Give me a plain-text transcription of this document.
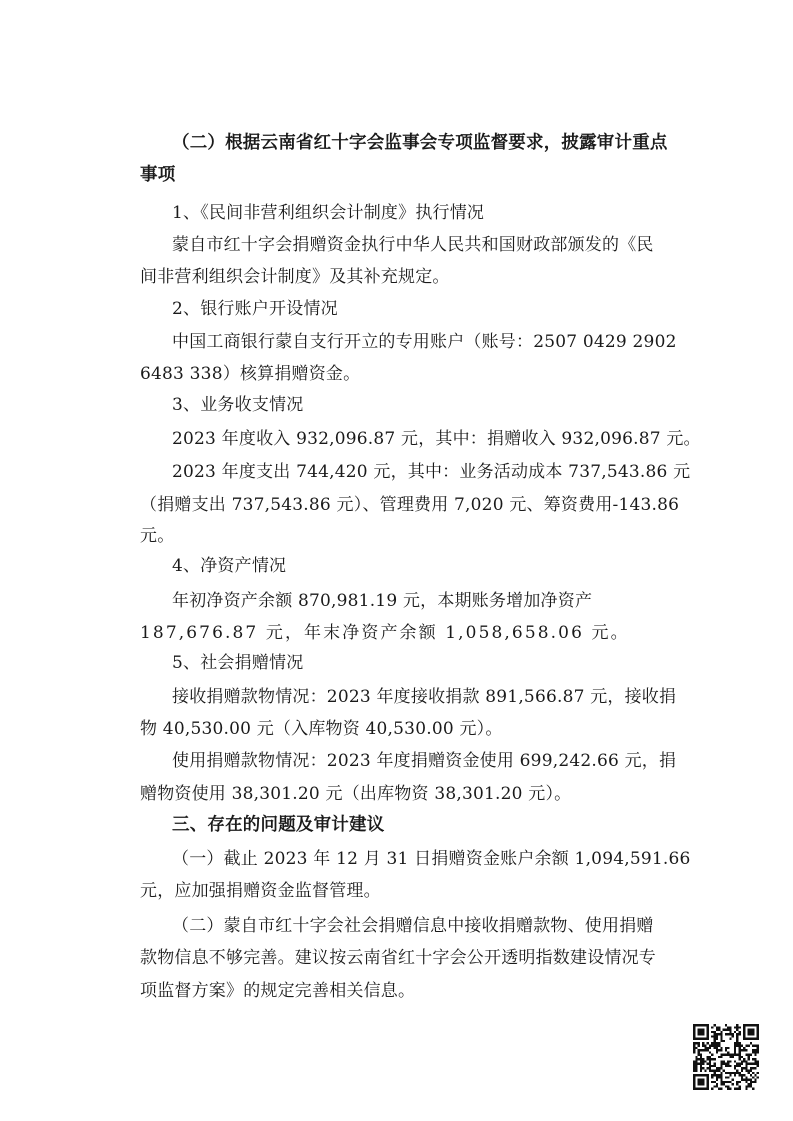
（二）根据云南省红十字会监事会专项监督要求，披露审计重点
事项
1、《民间非营利组织会计制度》执行情况
蒙自市红十字会捐赠资金执行中华人民共和国财政部颁发的《民
间非营利组织会计制度》及其补充规定。
2、银行账户开设情况
中国工商银行蒙自支行开立的专用账户（账号：2507 0429 2902
6483 338）核算捐赠资金。
3、业务收支情况
2023 年度收入 932,096.87 元，其中：捐赠收入 932,096.87 元。
2023 年度支出 744,420 元，其中：业务活动成本 737,543.86 元
（捐赠支出 737,543.86 元）、管理费用 7,020 元、筹资费用-143.86
元。
4、净资产情况
年初净资产余额 870,981.19 元，本期账务增加净资产
187,676.87 元，年末净资产余额 1,058,658.06 元。
5、社会捐赠情况
接收捐赠款物情况：2023 年度接收捐款 891,566.87 元，接收捐
物 40,530.00 元（入库物资 40,530.00 元）。
使用捐赠款物情况：2023 年度捐赠资金使用 699,242.66 元，捐
赠物资使用 38,301.20 元（出库物资 38,301.20 元）。
三、存在的问题及审计建议
（一）截止 2023 年 12 月 31 日捐赠资金账户余额 1,094,591.66
元，应加强捐赠资金监督管理。
（二）蒙自市红十字会社会捐赠信息中接收捐赠款物、使用捐赠
款物信息不够完善。建议按云南省红十字会公开透明指数建设情况专
项监督方案》的规定完善相关信息。
